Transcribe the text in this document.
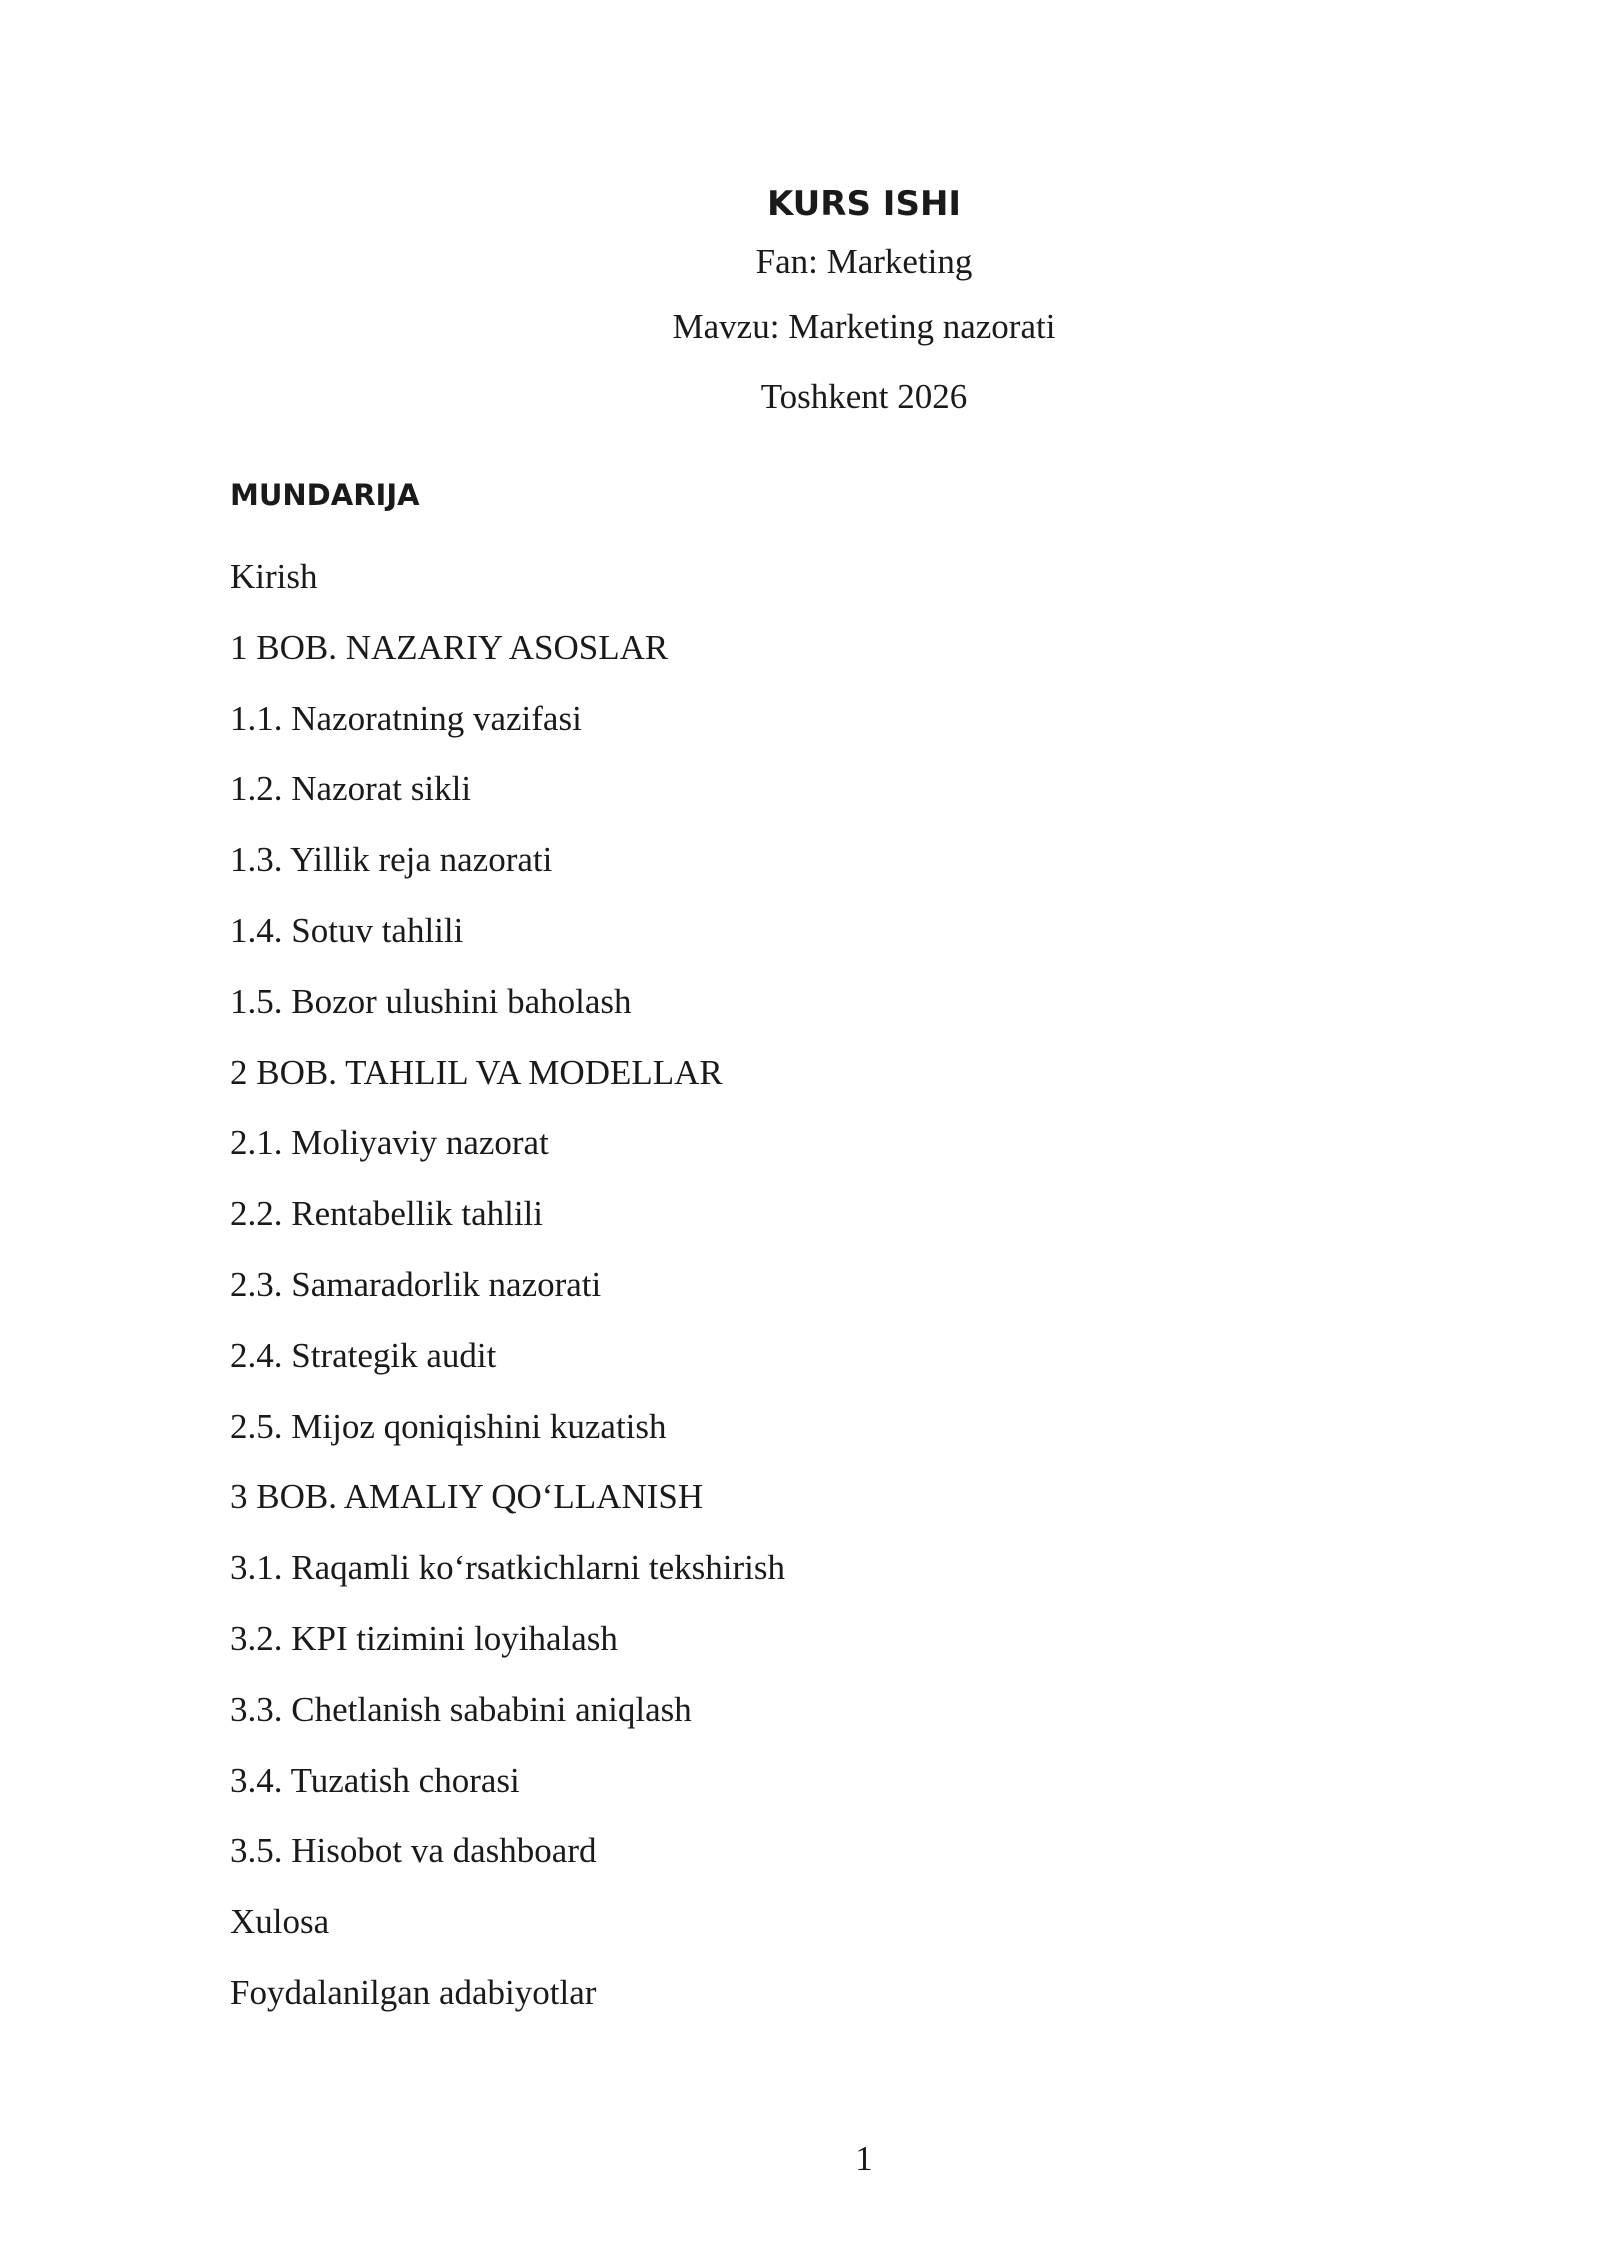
KURS ISHI
Fan: Marketing
Mavzu: Marketing nazorati
Toshkent 2026
MUNDARIJA
Kirish
1 BOB. NAZARIY ASOSLAR
1.1. Nazoratning vazifasi
1.2. Nazorat sikli
1.3. Yillik reja nazorati
1.4. Sotuv tahlili
1.5. Bozor ulushini baholash
2 BOB. TAHLIL VA MODELLAR
2.1. Moliyaviy nazorat
2.2. Rentabellik tahlili
2.3. Samaradorlik nazorati
2.4. Strategik audit
2.5. Mijoz qoniqishini kuzatish
3 BOB. AMALIY QO‘LLANISH
3.1. Raqamli ko‘rsatkichlarni tekshirish
3.2. KPI tizimini loyihalash
3.3. Chetlanish sababini aniqlash
3.4. Tuzatish chorasi
3.5. Hisobot va dashboard
Xulosa
Foydalanilgan adabiyotlar
1
